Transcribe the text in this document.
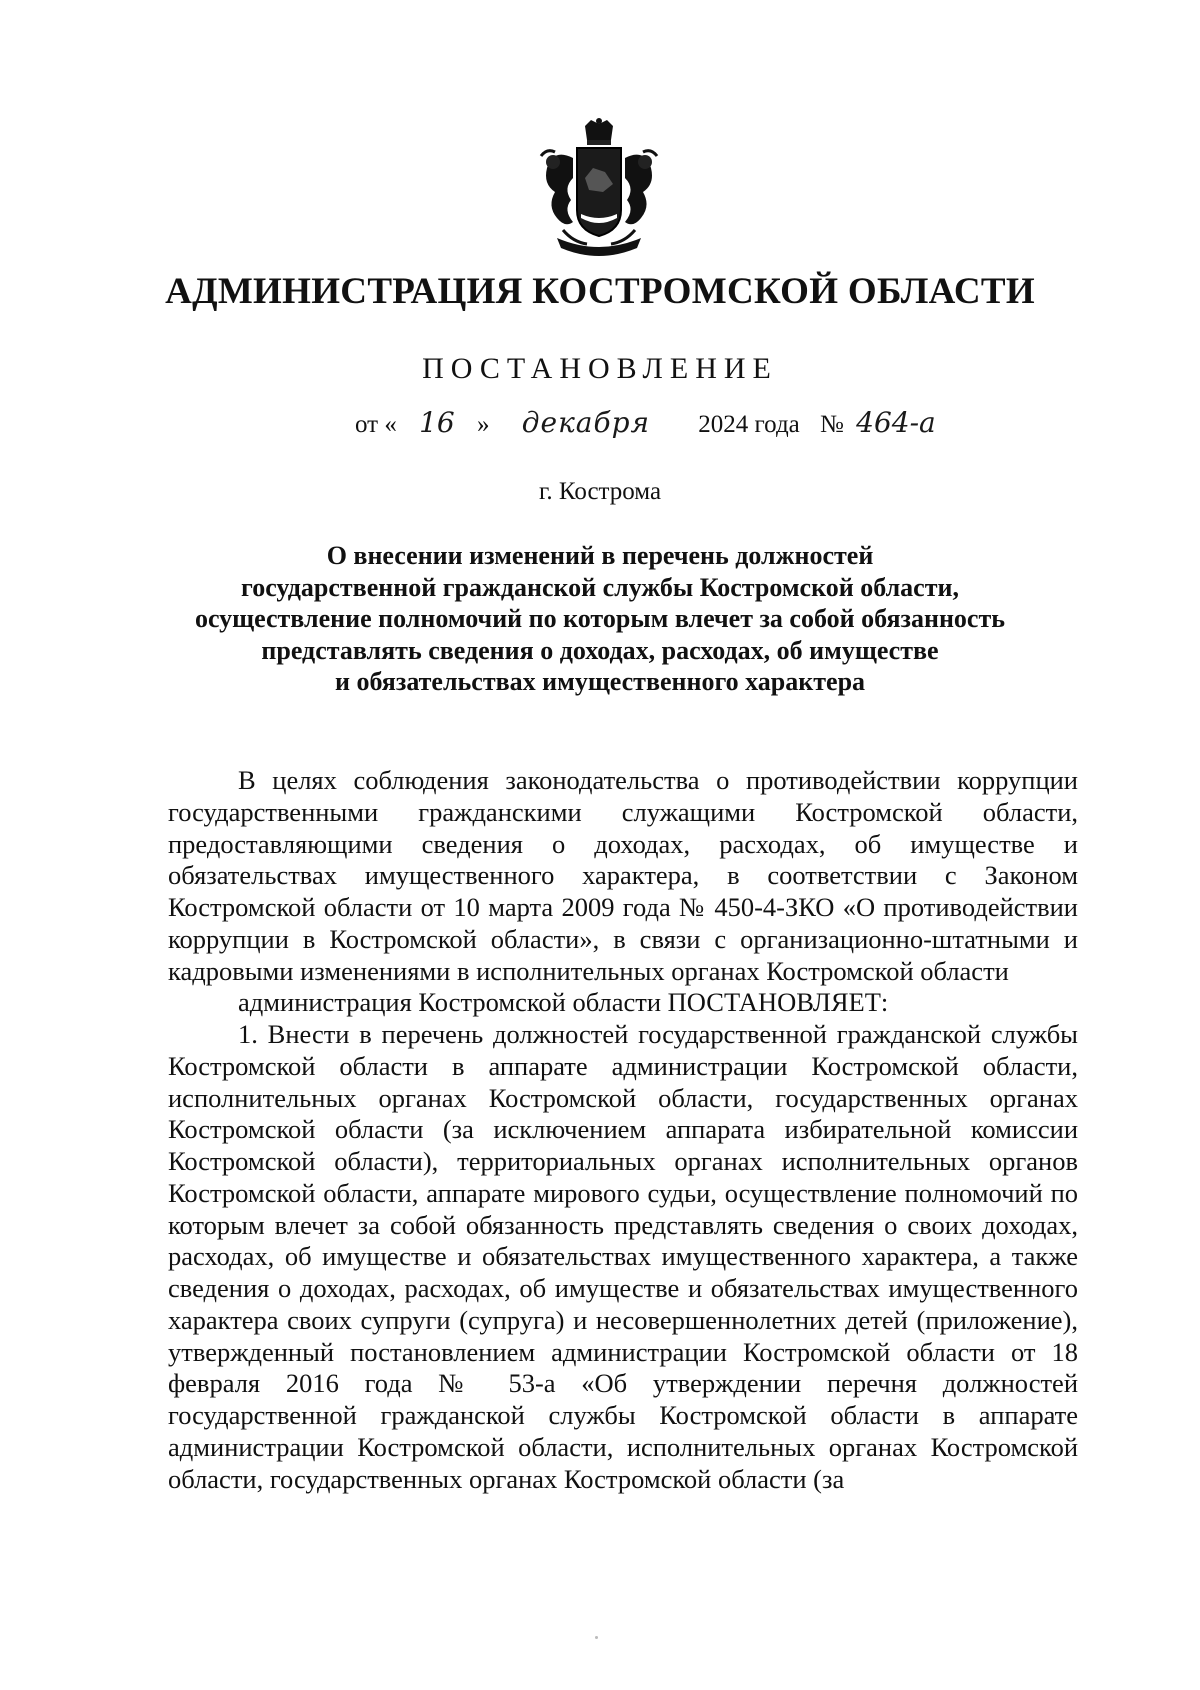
АДМИНИСТРАЦИЯ КОСТРОМСКОЙ ОБЛАСТИ
ПОСТАНОВЛЕНИЕ
от « 16 » декабря 2024 года № 464-а
г. Кострома
О внесении изменений в перечень должностей
государственной гражданской службы Костромской области,
осуществление полномочий по которым влечет за собой обязанность
представлять сведения о доходах, расходах, об имуществе
и обязательствах имущественного характера

В целях соблюдения законодательства о противодействии коррупции государственными гражданскими служащими Костромской области, предоставляющими сведения о доходах, расходах, об имуществе и обязательствах имущественного характера, в соответствии с Законом Костромской области от 10 марта 2009 года № 450-4-ЗКО «О противодействии коррупции в Костромской области», в связи с организационно-штатными и кадровыми изменениями в исполнительных органах Костромской области

администрация Костромской области ПОСТАНОВЛЯЕТ:

1. Внести в перечень должностей государственной гражданской службы Костромской области в аппарате администрации Костромской области, исполнительных органах Костромской области, государственных органах Костромской области (за исключением аппарата избирательной комиссии Костромской области), территориальных органах исполнительных органов Костромской области, аппарате мирового судьи, осуществление полномочий по которым влечет за собой обязанность представлять сведения о своих доходах, расходах, об имуществе и обязательствах имущественного характера, а также сведения о доходах, расходах, об имуществе и обязательствах имущественного характера своих супруги (супруга) и несовершеннолетних детей (приложение), утвержденный постановлением администрации Костромской области от 18 февраля 2016 года № 53-а «Об утверждении перечня должностей государственной гражданской службы Костромской области в аппарате администрации Костромской области, исполнительных органах Костромской области, государственных органах Костромской области (за
